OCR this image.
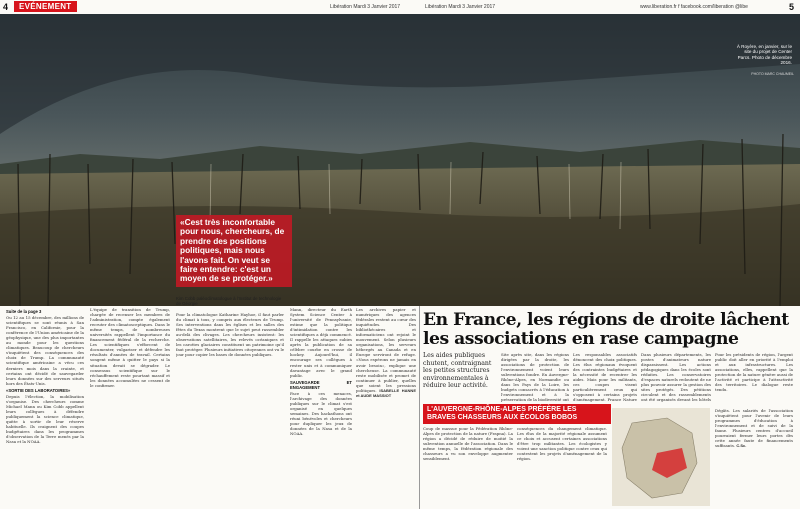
4	EVÉNEMENT	Libération Mardi 3 Janvier 2017	Libération Mardi 3 Janvier 2017	www.liberation.fr f facebook.com/liberation @libe	5
À Royère, en janvier, sur le site du projet de Center Parcs. Photo de décembre 2016.
PHOTO MARC CHAUMEIL
«Cest très inconfortable pour nous, chercheurs, de prendre des positions politiques, mais nous l'avons fait. On veut se faire entendre: c'est un moyen de se protéger.»
Kim Cobb paléoclimatologue à l'Institut de technologie de Géorgie
Suite de la page 3
Ou 12 au 15 décembre, des millions de scientifiques se sont réunis à San Francisco, en Californie, pour la conférence de l'Union américaine de la géophysique, une des plus importantes au monde pour les questions climatiques. Beaucoup de chercheurs s'inquiètent des conséquences des choix de Trump. La communauté scientifique américaine a vécu ces derniers mois dans la crainte, et certains ont décidé de sauvegarder leurs données sur des serveurs situés hors des États-Unis.
«SORTIE DES LABORATOIRES»
Depuis l'élection, la mobilisation s'organise. Des chercheurs comme Michael Mann ou Kim Cobb appellent leurs collègues à défendre publiquement la science climatique, quitte à sortir de leur réserve habituelle. Ils craignent des coupes budgétaires dans les programmes d'observation de la Terre menés par la Nasa et la NOAA.
L'équipe de transition de Trump, chargée de recenser les membres de l'administration, compte également recruter des climatosceptiques. Dans le même temps, de nombreuses universités rappellent l'importance du financement fédéral de la recherche. Les scientifiques s'efforcent de documenter, vulgariser et défendre les résultats d'années de travail. Certains songent même à quitter le pays si la situation devait se dégrader. Le consensus scientifique sur le réchauffement reste pourtant massif et les données accumulées ne cessent de le confirmer.
Pour la climatologue Katharine Hayhoe, il faut parler du climat à tous, y compris aux électeurs de Trump. Ses interventions dans les églises et les salles des fêtes du Texas montrent que le sujet peut rassembler au-delà des clivages. Les chercheurs insistent: les observations satellitaires, les relevés océaniques et les carottes glaciaires constituent un patrimoine qu'il faut protéger. Plusieurs initiatives citoyennes ont vu le jour pour copier les bases de données publiques.
Mann, directeur du Earth System Science Center à l'université de Pennsylvanie, estime que la politique d'intimidation contre les scientifiques a déjà commencé. Il rappelle les attaques subies après la publication de sa célèbre courbe en crosse de hockey. Aujourd'hui, il encourage ses collègues à rester unis et à communiquer davantage avec le grand public.
SAUVEGARDE ET ENGAGEMENT
Face à ces menaces, l'archivage des données publiques sur le climat s'est organisé en quelques semaines. Des hackathons ont réuni bénévoles et chercheurs pour dupliquer les jeux de données de la Nasa et de la NOAA.
Les archives papier et numériques des agences fédérales restent au cœur des inquiétudes. Des bibliothécaires et informaticiens ont rejoint le mouvement. Selon plusieurs organisations, les serveurs hébergés au Canada et en Europe serviront de refuge. «Nous espérons ne jamais en avoir besoin», explique une chercheuse. La communauté reste mobilisée et promet de continuer à publier, quelles que soient les pressions politiques. ISABELLE HANNE et AUDE MASSIOT
En France, les régions de droite lâchent les associations en rase campagne
Les aides publiques chutent, contraignant les petites structures environnementales à réduire leur activité.
Site après site, dans les régions dirigées par la droite, les associations de protection de l'environnement voient leurs subventions fondre. En Auvergne-Rhône-Alpes, en Normandie ou dans les Pays de la Loire, les budgets consacrés à l'éducation à l'environnement et à la préservation de la biodiversité ont
Les responsables associatifs dénoncent des choix politiques. Les élus régionaux évoquent des contraintes budgétaires et la nécessité de recentrer les aides. Mais pour les militants, ces coupes visent particulièrement ceux qui s'opposent à certains projets d'aménagement. France Nature
Dans plusieurs départements, les postes d'animateurs nature disparaissent. Les actions pédagogiques dans les écoles sont réduites. Les conservatoires d'espaces naturels redoutent de ne plus pouvoir assurer la gestion des sites protégés. Des pétitions circulent et des rassemblements ont été organisés devant les hôtels
Pour les présidents de région, l'argent public doit aller en priorité à l'emploi et aux infrastructures. Les associations, elles, rappellent que la protection de la nature génère aussi de l'activité et participe à l'attractivité des territoires. Le dialogue reste tendu.
L'AUVERGNE-RHÔNE-ALPES PRÉFÈRE LES BRAVES CHASSEURS AUX ÉCOLOS BOBOS
Coup de massue pour la Fédération Rhône-Alpes de protection de la nature (Frapna). La région a décidé de réduire de moitié la subvention annuelle de l'association. Dans le même temps, la fédération régionale des chasseurs a vu son enveloppe augmenter sensiblement.
conséquences du changement climatique. Les élus de la majorité régionale assument ce choix et accusent certaines associations d'être trop militantes. Les écologistes y voient une sanction politique contre ceux qui contestent les projets d'aménagement de la région.
Dégâts. Les salariés de l'association s'inquiètent pour l'avenir de leurs programmes d'éducation à l'environnement et de suivi de la faune. Plusieurs centres d'accueil pourraient fermer leurs portes dès cette année faute de financements suffisants. C.Sc.
